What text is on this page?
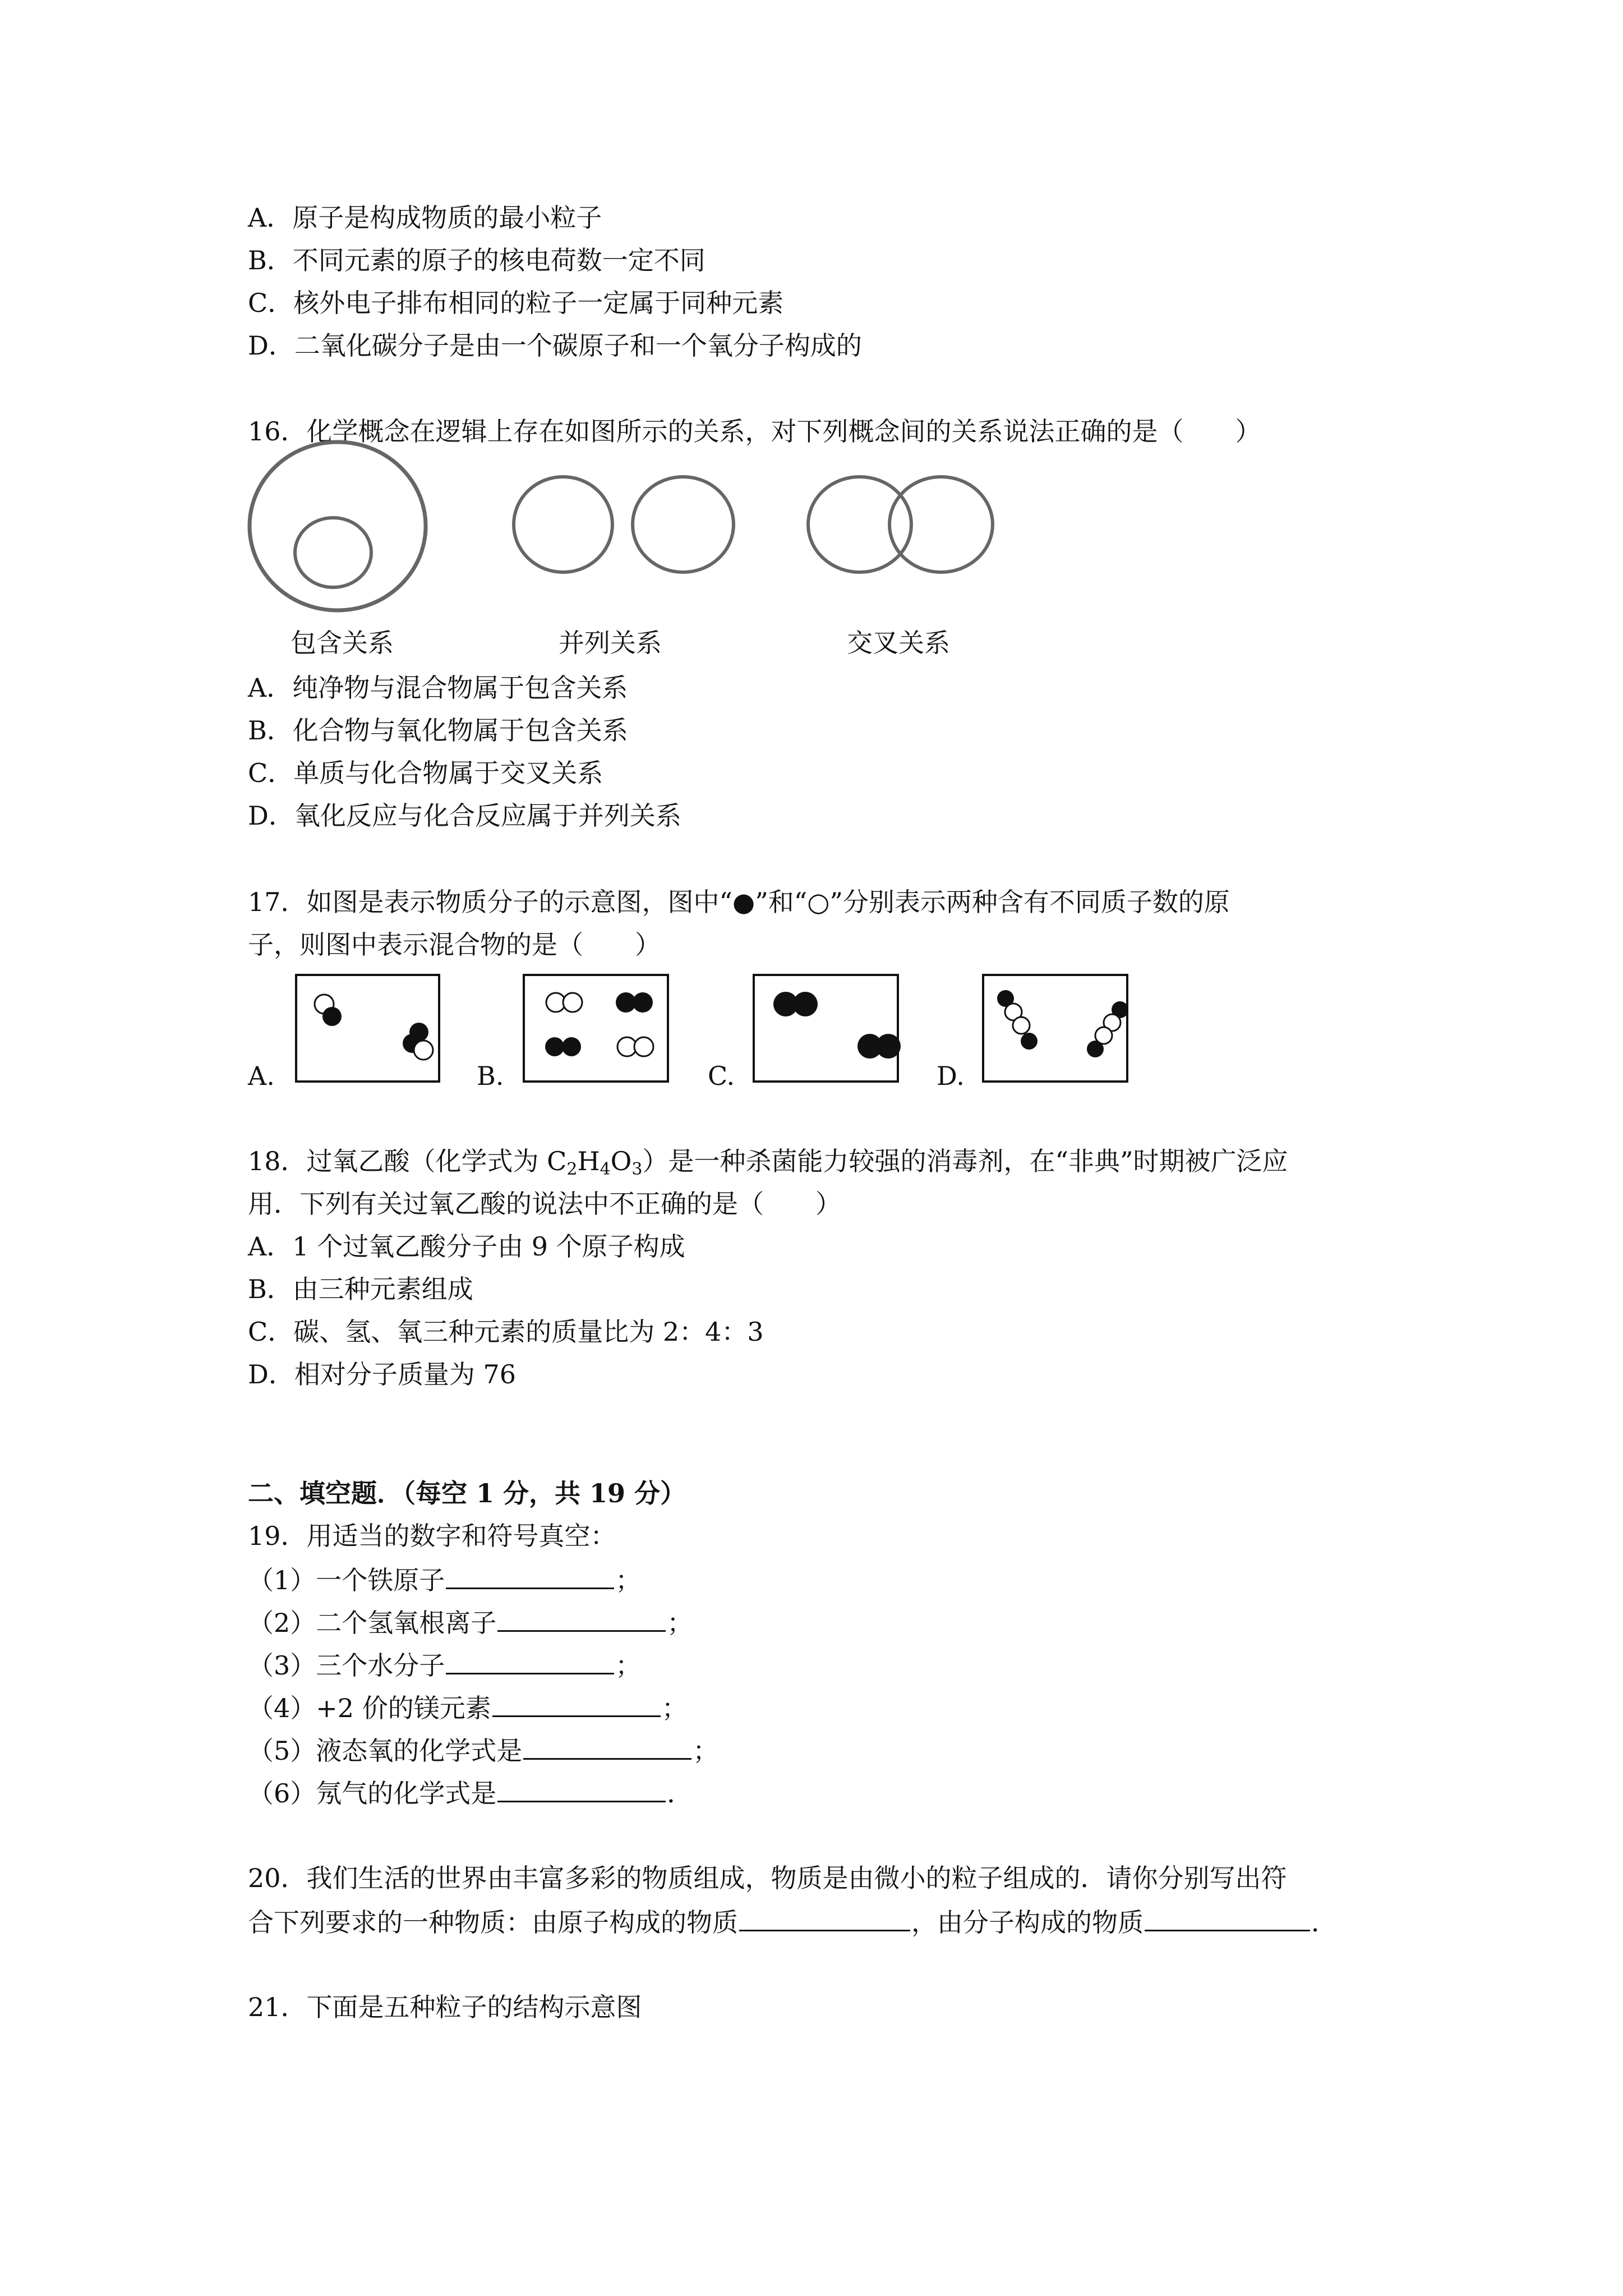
A．原子是构成物质的最小粒子
B．不同元素的原子的核电荷数一定不同
C．核外电子排布相同的粒子一定属于同种元素
D．二氧化碳分子是由一个碳原子和一个氧分子构成的
16．化学概念在逻辑上存在如图所示的关系，对下列概念间的关系说法正确的是（　　）
包含关系	并列关系	交叉关系
A．纯净物与混合物属于包含关系
B．化合物与氧化物属于包含关系
C．单质与化合物属于交叉关系
D．氧化反应与化合反应属于并列关系
17．如图是表示物质分子的示意图，图中“●”和“○”分别表示两种含有不同质子数的原
子，则图中表示混合物的是（　　）
A.	B.	C.	D.
18．过氧乙酸（化学式为 $C_2H_4O_3$）是一种杀菌能力较强的消毒剂，在“非典”时期被广泛应
用．下列有关过氧乙酸的说法中不正确的是（　　）
A．1 个过氧乙酸分子由 9 个原子构成
B．由三种元素组成
C．碳、氢、氧三种元素的质量比为 2：4：3
D．相对分子质量为 76
二、填空题．（每空 1 分，共 19 分）
19．用适当的数字和符号真空：
（1）一个铁原子	；
（2）二个氢氧根离子	；
（3）三个水分子	；
（4）+2 价的镁元素	；
（5）液态氧的化学式是	；
（6）氖气的化学式是	．
20．我们生活的世界由丰富多彩的物质组成，物质是由微小的粒子组成的．请你分别写出符
合下列要求的一种物质：由原子构成的物质	，由分子构成的物质	．
21．下面是五种粒子的结构示意图
